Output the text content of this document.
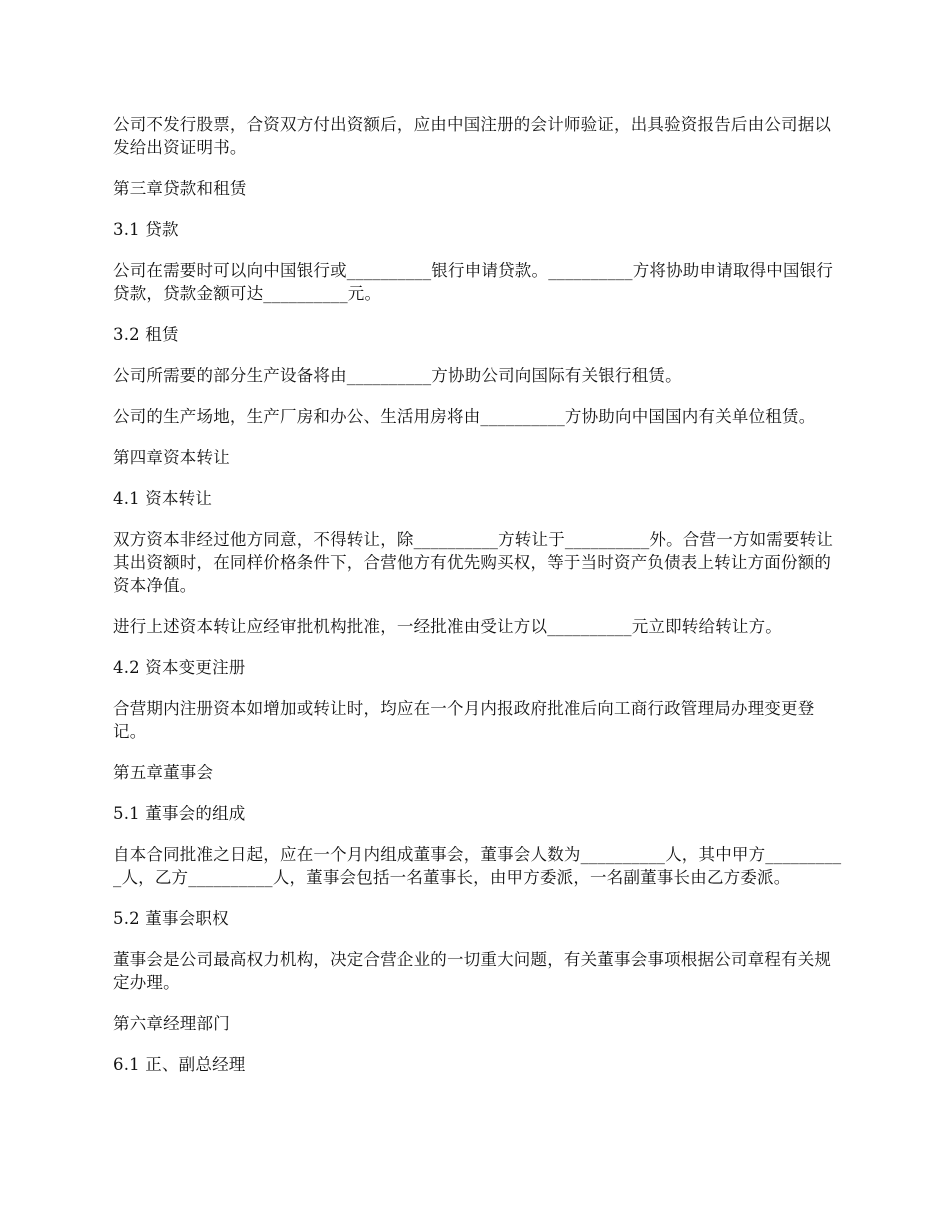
公司不发行股票，合资双方付出资额后，应由中国注册的会计师验证，出具验资报告后由公司据以发给出资证明书。

第三章贷款和租赁

3.1 贷款

公司在需要时可以向中国银行或__________银行申请贷款。__________方将协助申请取得中国银行贷款，贷款金额可达__________元。

3.2 租赁

公司所需要的部分生产设备将由__________方协助公司向国际有关银行租赁。

公司的生产场地，生产厂房和办公、生活用房将由__________方协助向中国国内有关单位租赁。

第四章资本转让

4.1 资本转让

双方资本非经过他方同意，不得转让，除__________方转让于__________外。合营一方如需要转让其出资额时，在同样价格条件下，合营他方有优先购买权，等于当时资产负债表上转让方面份额的资本净值。

进行上述资本转让应经审批机构批准，一经批准由受让方以__________元立即转给转让方。

4.2 资本变更注册

合营期内注册资本如增加或转让时，均应在一个月内报政府批准后向工商行政管理局办理变更登记。

第五章董事会

5.1 董事会的组成

自本合同批准之日起，应在一个月内组成董事会，董事会人数为__________人，其中甲方__________人，乙方__________人，董事会包括一名董事长，由甲方委派，一名副董事长由乙方委派。

5.2 董事会职权

董事会是公司最高权力机构，决定合营企业的一切重大问题，有关董事会事项根据公司章程有关规定办理。

第六章经理部门

6.1 正、副总经理
